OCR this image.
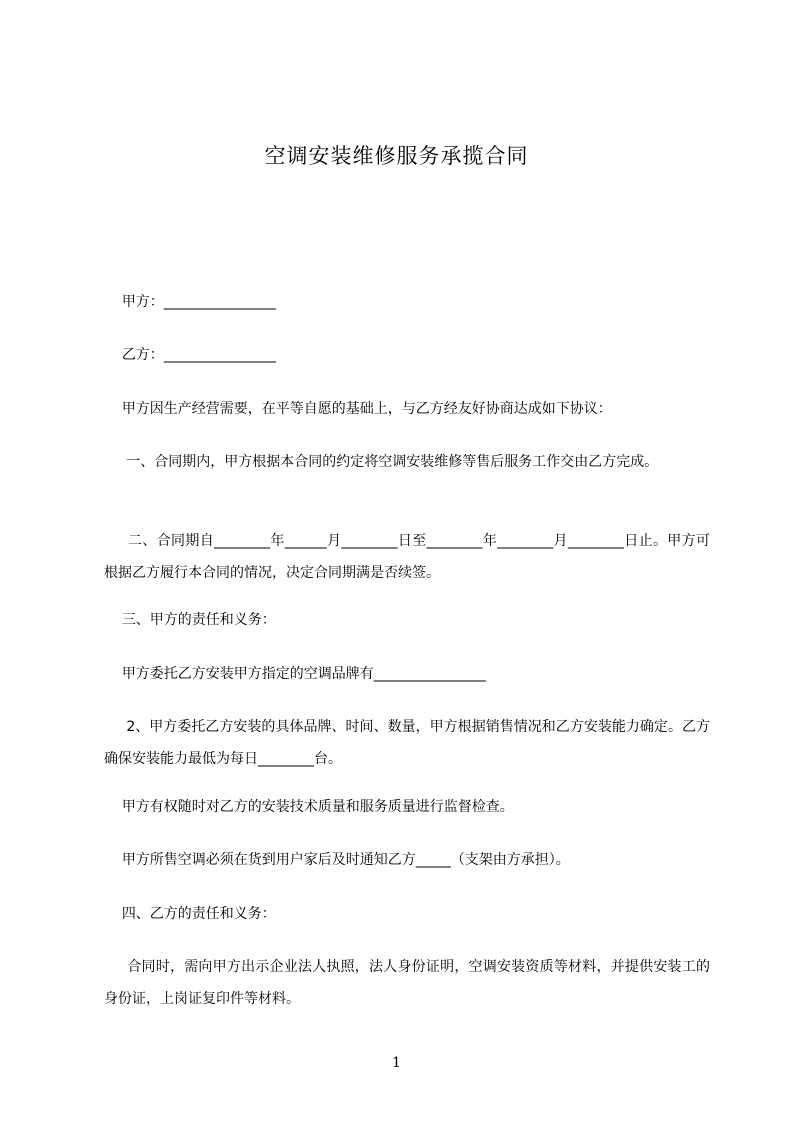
空调安装维修服务承揽合同
甲方：________________
乙方：________________
甲方因生产经营需要，在平等自愿的基础上，与乙方经友好协商达成如下协议：
一、合同期内，甲方根据本合同的约定将空调安装维修等售后服务工作交由乙方完成。
二、合同期自________年______月________日至________年________月________日止。甲方可根据乙方履行本合同的情况，决定合同期满是否续签。
三、甲方的责任和义务：
甲方委托乙方安装甲方指定的空调品牌有________________
2、甲方委托乙方安装的具体品牌、时间、数量，甲方根据销售情况和乙方安装能力确定。乙方确保安装能力最低为每日________台。
甲方有权随时对乙方的安装技术质量和服务质量进行监督检查。
甲方所售空调必须在货到用户家后及时通知乙方_____（支架由方承担）。
四、乙方的责任和义务：
合同时，需向甲方出示企业法人执照，法人身份证明，空调安装资质等材料，并提供安装工的身份证，上岗证复印件等材料。
1
